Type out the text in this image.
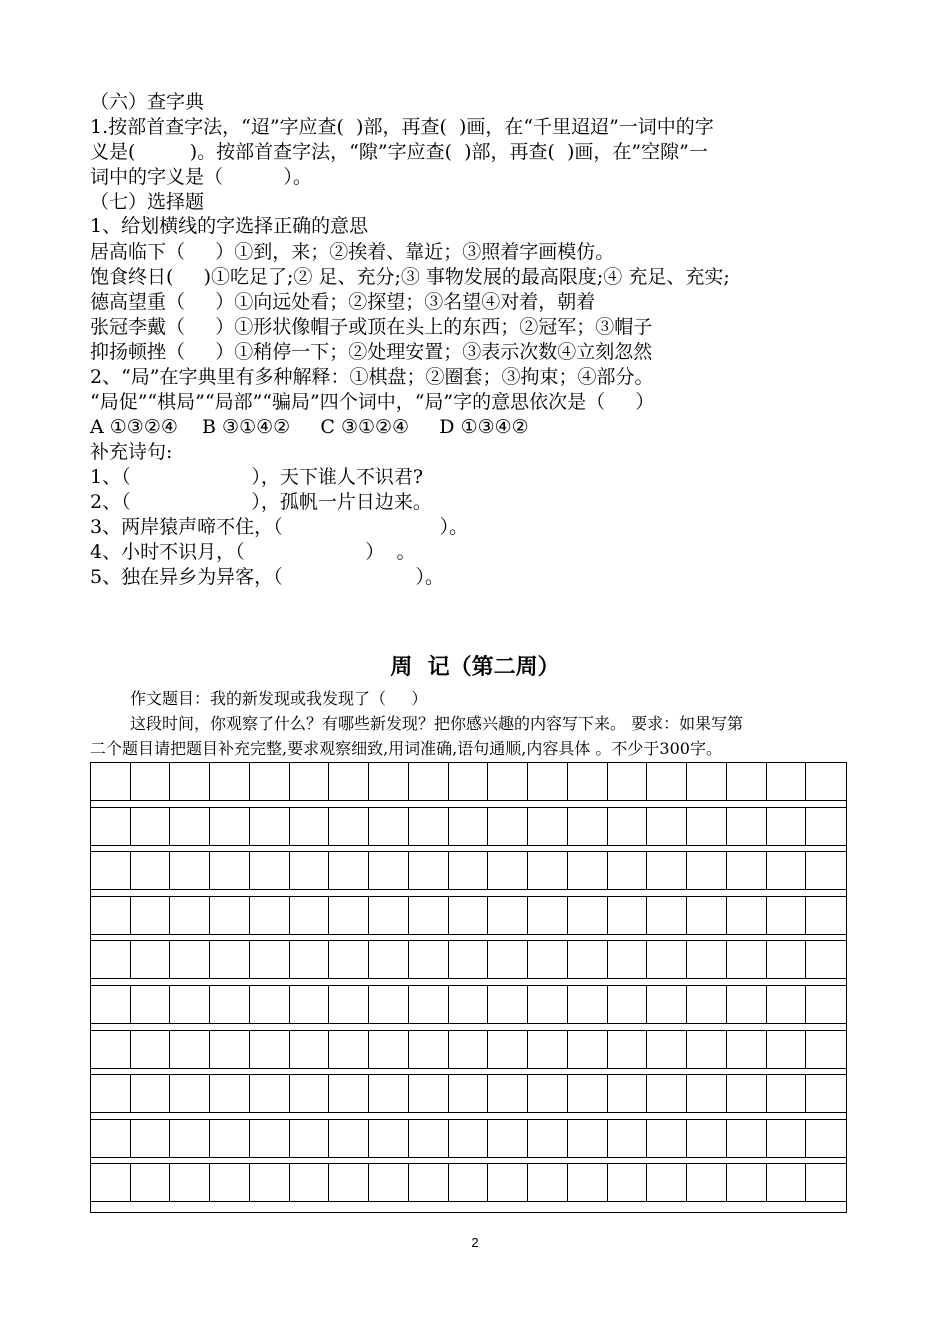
（六）查字典
1.按部首查字法，“迢”字应查(  )部，再查(  )画，在“千里迢迢”一词中的字
义是(         )。按部首查字法，“隙”字应查(  )部，再查(  )画，在”空隙”一
词中的字义是（          ）。
（七）选择题
1、给划横线的字选择正确的意思
居高临下（     ）①到，来；②挨着、靠近；③照着字画模仿。
饱食终日(     )①吃足了;② 足、充分;③ 事物发展的最高限度;④ 充足、充实;
德高望重（     ）①向远处看；②探望；③名望④对着，朝着
张冠李戴（     ）①形状像帽子或顶在头上的东西；②冠军；③帽子
抑扬顿挫（     ）①稍停一下；②处理安置；③表示次数④立刻忽然
2、“局”在字典里有多种解释：①棋盘；②圈套；③拘束；④部分。
“局促”“棋局”“局部”“骗局”四个词中，“局”字的意思依次是（     ）
A ①③②④    B ③①④②     C ③①②④     D ①③④②
补充诗句:
1、（                    ），天下谁人不识君?
2、（                    ），孤帆一片日边来。
3、两岸猿声啼不住，（                          ）。
4、小时不识月，（                    ）  。
5、独在异乡为异客，（                      ）。
周  记（第二周）
作文题目：我的新发现或我发现了（     ）
这段时间，你观察了什么？有哪些新发现？把你感兴趣的内容写下来。 要求：如果写第
二个题目请把题目补充完整,要求观察细致,用词准确,语句通顺,内容具体 。不少于300字。
2
